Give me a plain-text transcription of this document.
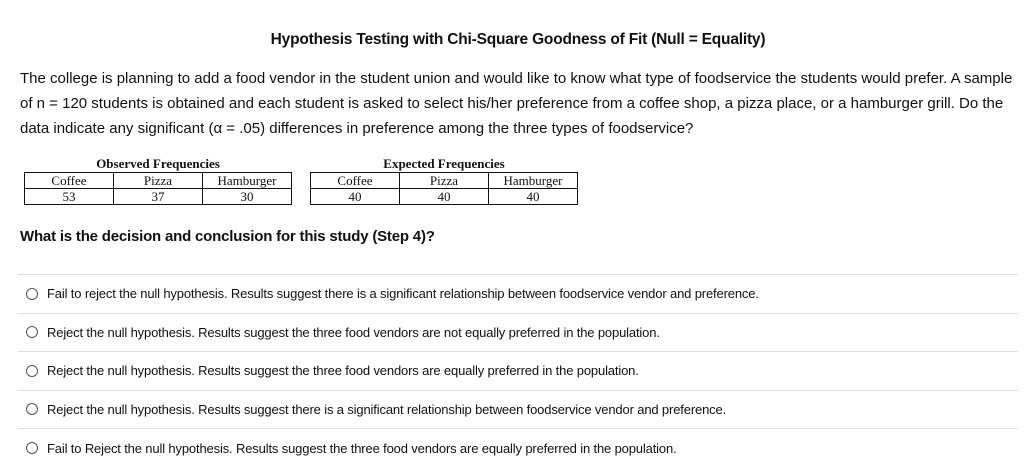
Hypothesis Testing with Chi-Square Goodness of Fit (Null = Equality)
The college is planning to add a food vendor in the student union and would like to know what type of foodservice the students would prefer. A sample of n = 120 students is obtained and each student is asked to select his/her preference from a coffee shop, a pizza place, or a hamburger grill. Do the data indicate any significant (α = .05) differences in preference among the three types of foodservice?
Observed Frequencies
Coffee	Pizza	Hamburger
53	37	30
Expected Frequencies
Coffee	Pizza	Hamburger
40	40	40
What is the decision and conclusion for this study (Step 4)?
Fail to reject the null hypothesis. Results suggest there is a significant relationship between foodservice vendor and preference.
Reject the null hypothesis. Results suggest the three food vendors are not equally preferred in the population.
Reject the null hypothesis. Results suggest the three food vendors are equally preferred in the population.
Reject the null hypothesis. Results suggest there is a significant relationship between foodservice vendor and preference.
Fail to Reject the null hypothesis. Results suggest the three food vendors are equally preferred in the population.
